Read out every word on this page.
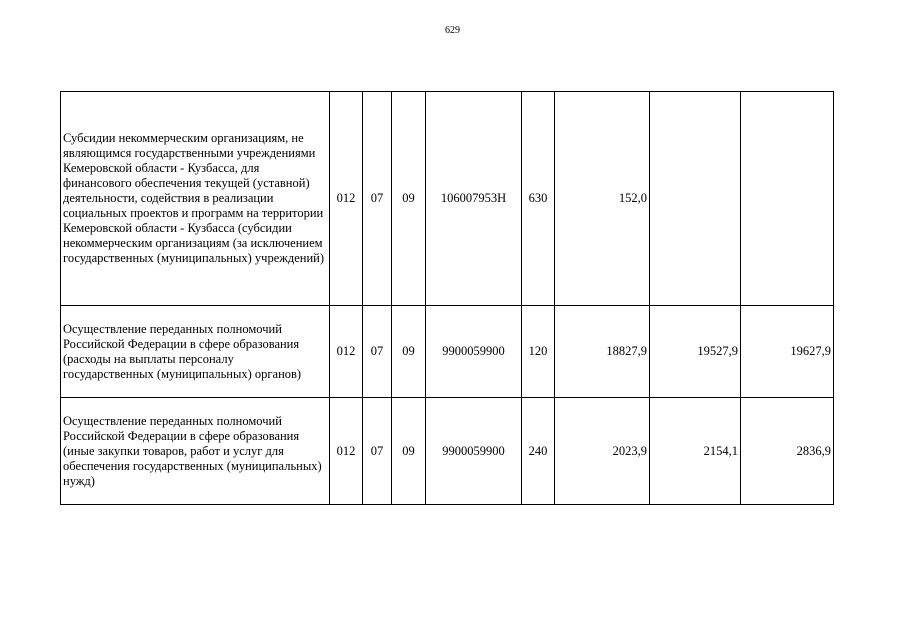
629
Субсидии некоммерческим организациям, не являющимся государственными учреждениями Кемеровской области - Кузбасса, для финансового обеспечения текущей (уставной) деятельности, содействия в реализации социальных проектов и программ на территории Кемеровской области - Кузбасса (субсидии некоммерческим организациям (за исключением государственных (муниципальных) учреждений)	012	07	09	106007953Н	630	152,0		
Осуществление переданных полномочий Российской Федерации в сфере образования (расходы на выплаты персоналу государственных (муниципальных) органов)	012	07	09	9900059900	120	18827,9	19527,9	19627,9
Осуществление переданных полномочий Российской Федерации в сфере образования (иные закупки товаров, работ и услуг для обеспечения государственных (муниципальных) нужд)	012	07	09	9900059900	240	2023,9	2154,1	2836,9
